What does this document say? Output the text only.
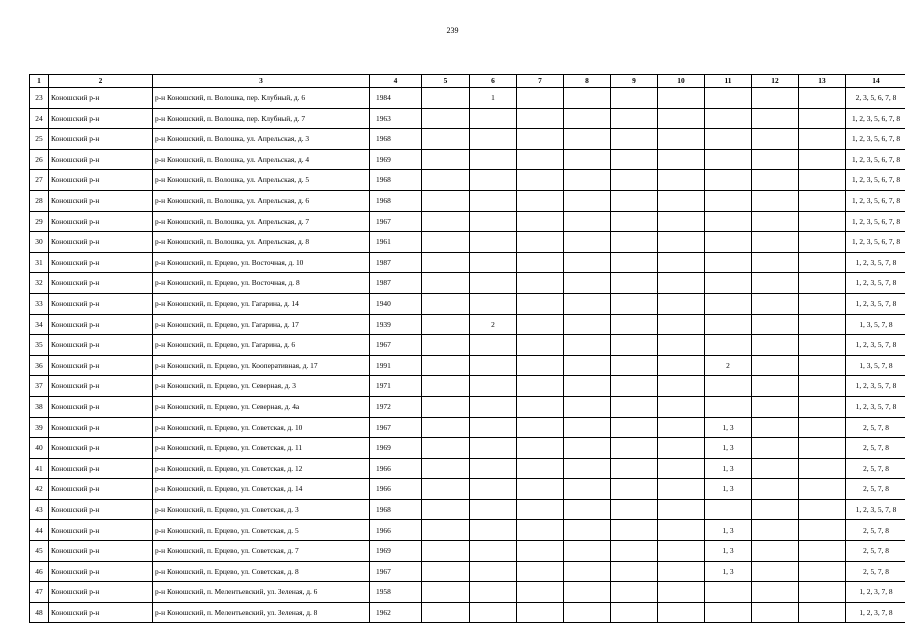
239
1	2	3	4	5	6	7	8	9	10	11	12	13	14
23	Коношский р-н	р-н Коношский, п. Волошка, пер. Клубный, д. 6	1984		1								2, 3, 5, 6, 7, 8
24	Коношский р-н	р-н Коношский, п. Волошка, пер. Клубный, д. 7	1963										1, 2, 3, 5, 6, 7, 8
25	Коношский р-н	р-н Коношский, п. Волошка, ул. Апрельская, д. 3	1968										1, 2, 3, 5, 6, 7, 8
26	Коношский р-н	р-н Коношский, п. Волошка, ул. Апрельская, д. 4	1969										1, 2, 3, 5, 6, 7, 8
27	Коношский р-н	р-н Коношский, п. Волошка, ул. Апрельская, д. 5	1968										1, 2, 3, 5, 6, 7, 8
28	Коношский р-н	р-н Коношский, п. Волошка, ул. Апрельская, д. 6	1968										1, 2, 3, 5, 6, 7, 8
29	Коношский р-н	р-н Коношский, п. Волошка, ул. Апрельская, д. 7	1967										1, 2, 3, 5, 6, 7, 8
30	Коношский р-н	р-н Коношский, п. Волошка, ул. Апрельская, д. 8	1961										1, 2, 3, 5, 6, 7, 8
31	Коношский р-н	р-н Коношский, п. Ерцево, ул. Восточная, д. 10	1987										1, 2, 3, 5, 7, 8
32	Коношский р-н	р-н Коношский, п. Ерцево, ул. Восточная, д. 8	1987										1, 2, 3, 5, 7, 8
33	Коношский р-н	р-н Коношский, п. Ерцево, ул. Гагарина, д. 14	1940										1, 2, 3, 5, 7, 8
34	Коношский р-н	р-н Коношский, п. Ерцево, ул. Гагарина, д. 17	1939		2								1, 3, 5, 7, 8
35	Коношский р-н	р-н Коношский, п. Ерцево, ул. Гагарина, д. 6	1967										1, 2, 3, 5, 7, 8
36	Коношский р-н	р-н Коношский, п. Ерцево, ул. Кооперативная, д. 17	1991							2			1, 3, 5, 7, 8
37	Коношский р-н	р-н Коношский, п. Ерцево, ул. Северная, д. 3	1971										1, 2, 3, 5, 7, 8
38	Коношский р-н	р-н Коношский, п. Ерцево, ул. Северная, д. 4а	1972										1, 2, 3, 5, 7, 8
39	Коношский р-н	р-н Коношский, п. Ерцево, ул. Советская, д. 10	1967							1, 3			2, 5, 7, 8
40	Коношский р-н	р-н Коношский, п. Ерцево, ул. Советская, д. 11	1969							1, 3			2, 5, 7, 8
41	Коношский р-н	р-н Коношский, п. Ерцево, ул. Советская, д. 12	1966							1, 3			2, 5, 7, 8
42	Коношский р-н	р-н Коношский, п. Ерцево, ул. Советская, д. 14	1966							1, 3			2, 5, 7, 8
43	Коношский р-н	р-н Коношский, п. Ерцево, ул. Советская, д. 3	1968										1, 2, 3, 5, 7, 8
44	Коношский р-н	р-н Коношский, п. Ерцево, ул. Советская, д. 5	1966							1, 3			2, 5, 7, 8
45	Коношский р-н	р-н Коношский, п. Ерцево, ул. Советская, д. 7	1969							1, 3			2, 5, 7, 8
46	Коношский р-н	р-н Коношский, п. Ерцево, ул. Советская, д. 8	1967							1, 3			2, 5, 7, 8
47	Коношский р-н	р-н Коношский, п. Мелентьевский, ул. Зеленая, д. 6	1958										1, 2, 3, 7, 8
48	Коношский р-н	р-н Коношский, п. Мелентьевский, ул. Зеленая, д. 8	1962										1, 2, 3, 7, 8
